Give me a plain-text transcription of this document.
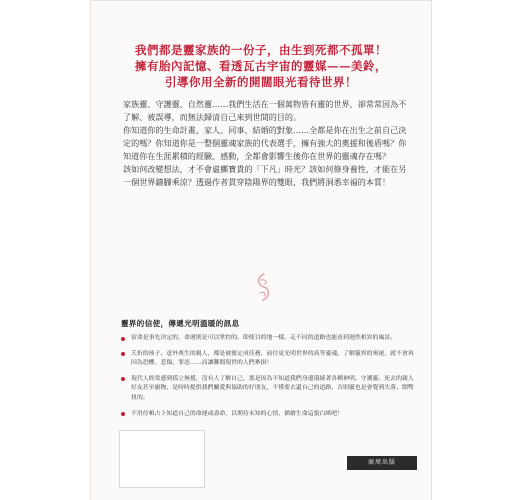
我們都是靈家族的一份子，由生到死都不孤單！
擁有胎內記憶、看透瓦古宇宙的靈媒——美鈴，
引導你用全新的開闊眼光看待世界！

家族靈、守護靈、自然靈……我們生活在一個萬物皆有靈的世界，卻常常因為不了解、被誤導，而無法歸清自己來到世間的目的。

你知道你的生命計畫，家人、同事、結婚的對象……全都是你在出生之前自己決定的嗎？你知道你是一整個靈魂家族的代表選手，擁有強大的奧援和後盾嗎？你知道你在生涯累積的經驗、感動，全都會影響生後你在世界的靈魂存在嗎？

該如何改變想法，才不會虛擲寶貴的「下凡」時光？該如何修身養性，才能在另一個世界鑄腳乘涼？透過作者貫穿陰陽界的雙眼，我們將洞悉幸福的本質！

靈界的信使，傳遞光明溫暖的訊息
宿命是事先決定的，命運則是可以掌控的。即使目的地一樣，走不同的道路也能看到迥然相異的風景。
夭折的孩子、意外喪生的親人，都是被後定成佳務，前往更光明世界的高等靈魂。了解靈界的奧祕，就不會再因為恐懼、悲傷、罪惡……而讓難閒現世的人們牽掛！
現代人經常感到孤立無援，沒有人了解自己，那是因為不知道我們身邊環繞著各種神明、守護靈、死去的親人好友甚至寵物，是時時提供我們關愛與協助的好朋友，不僅要去還自己的道路，否則靈也是會覺到失落、鬧彆扭的。
不用侍頓占卜知道自己的命運或壽命，以期待未知的心情，描繪生命這張白紙吧！
商周出版
